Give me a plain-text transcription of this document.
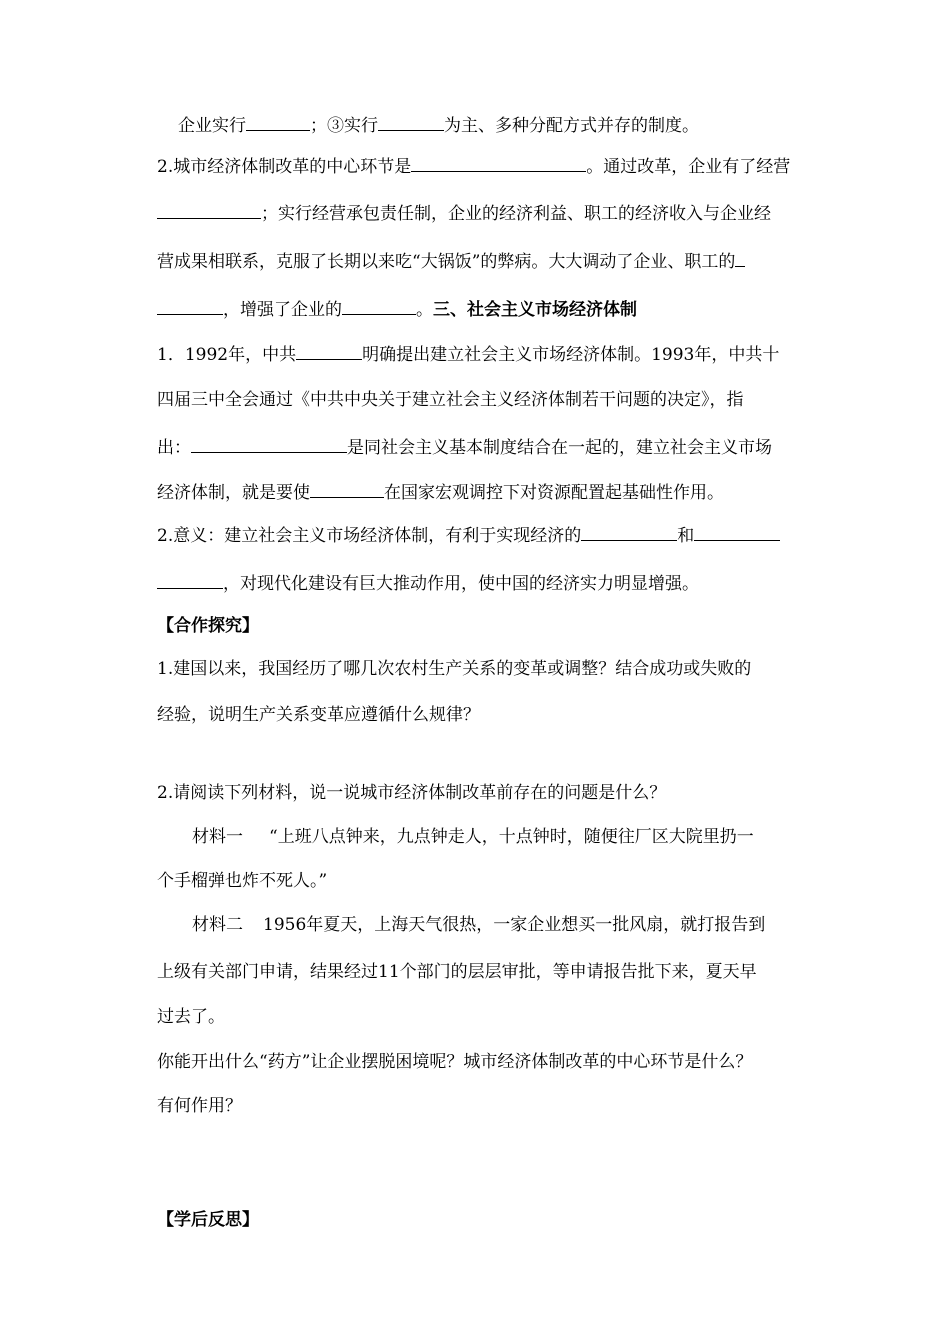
企业实行	；③实行	为主、多种分配方式并存的制度。
2.城市经济体制改革的中心环节是	。通过改革，企业有了经营
；实行经营承包责任制，企业的经济利益、职工的经济收入与企业经
营成果相联系，克服了长期以来吃“大锅饭”的弊病。大大调动了企业、职工的
，增强了企业的	。三、社会主义市场经济体制
1．1992年，中共	明确提出建立社会主义市场经济体制。1993年，中共十
四届三中全会通过《中共中央关于建立社会主义经济体制若干问题的决定》，指
出：	是同社会主义基本制度结合在一起的，建立社会主义市场
经济体制，就是要使	在国家宏观调控下对资源配置起基础性作用。
2.意义：建立社会主义市场经济体制，有利于实现经济的	和
，对现代化建设有巨大推动作用，使中国的经济实力明显增强。
【合作探究】
1.建国以来，我国经历了哪几次农村生产关系的变革或调整？结合成功或失败的
经验，说明生产关系变革应遵循什么规律？
2.请阅读下列材料，说一说城市经济体制改革前存在的问题是什么？
材料一 “上班八点钟来，九点钟走人，十点钟时，随便往厂区大院里扔一
个手榴弹也炸不死人。”
材料二 1956年夏天，上海天气很热，一家企业想买一批风扇，就打报告到
上级有关部门申请，结果经过11个部门的层层审批，等申请报告批下来，夏天早
过去了。
你能开出什么“药方”让企业摆脱困境呢？城市经济体制改革的中心环节是什么？
有何作用？
【学后反思】
